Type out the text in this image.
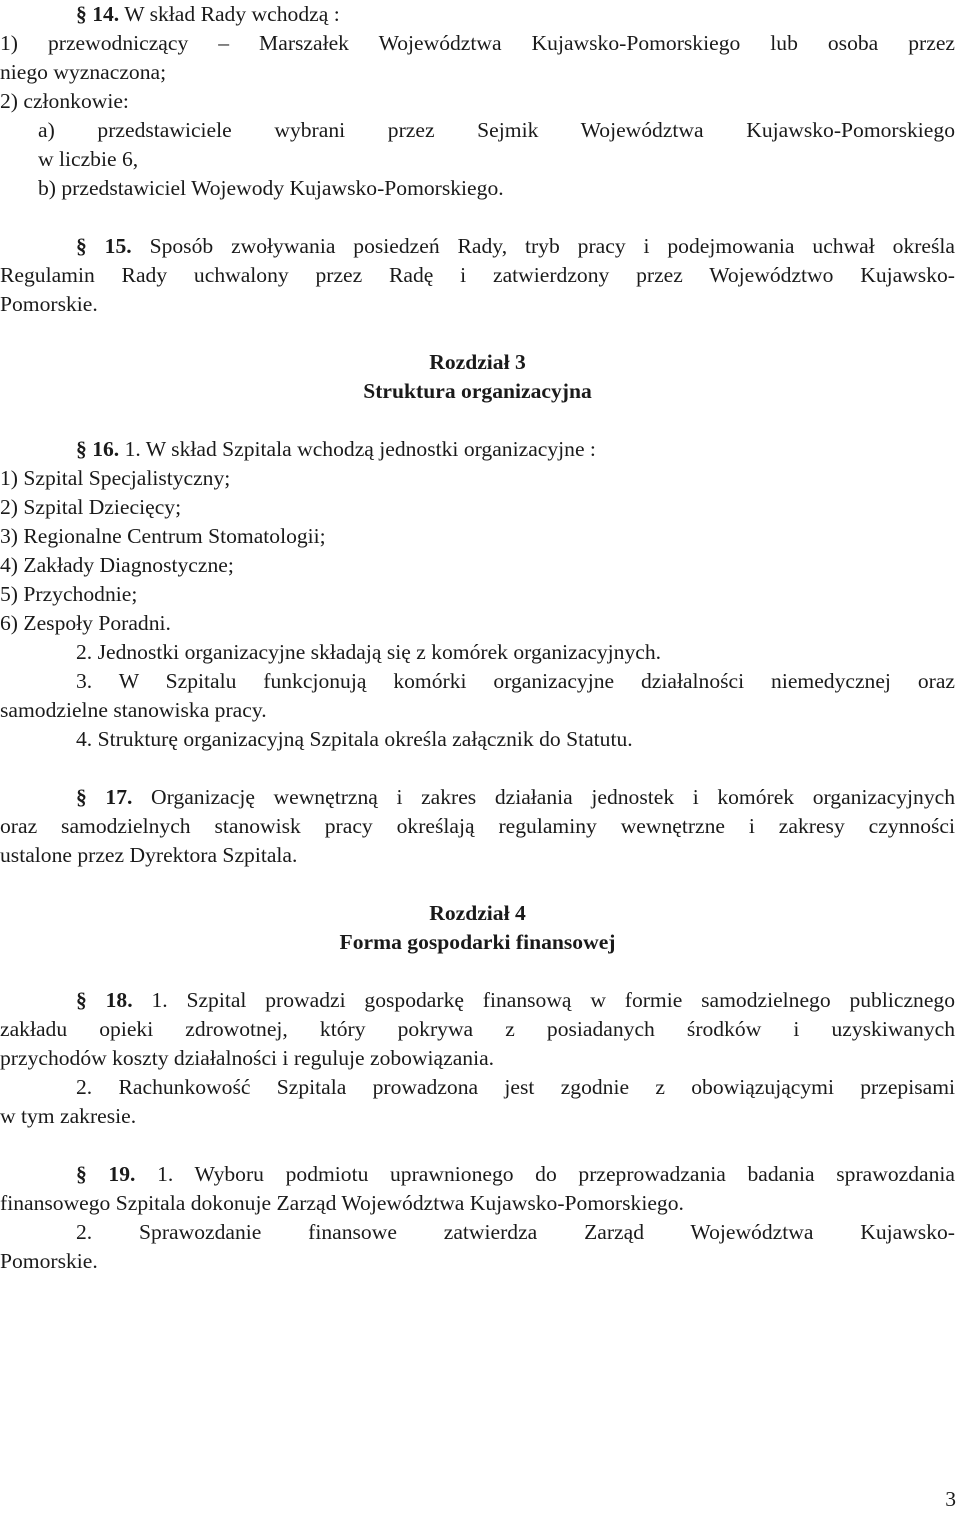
§ 14. W skład Rady wchodzą :
1) przewodniczący – Marszałek Województwa Kujawsko-Pomorskiego lub osoba przez
niego wyznaczona;
2) członkowie:
a) przedstawiciele wybrani przez Sejmik Województwa Kujawsko-Pomorskiego
w liczbie 6,
b) przedstawiciel Wojewody Kujawsko-Pomorskiego.
§ 15. Sposób zwoływania posiedzeń Rady, tryb pracy i podejmowania uchwał określa
Regulamin Rady uchwalony przez Radę i zatwierdzony przez Województwo Kujawsko-
Pomorskie.
Rozdział 3
Struktura organizacyjna
§ 16. 1. W skład Szpitala wchodzą jednostki organizacyjne :
1) Szpital Specjalistyczny;
2) Szpital Dziecięcy;
3) Regionalne Centrum Stomatologii;
4) Zakłady Diagnostyczne;
5) Przychodnie;
6) Zespoły Poradni.
2. Jednostki organizacyjne składają się z komórek organizacyjnych.
3. W Szpitalu funkcjonują komórki organizacyjne działalności niemedycznej oraz
samodzielne stanowiska pracy.
4. Strukturę organizacyjną Szpitala określa załącznik do Statutu.
§ 17. Organizację wewnętrzną i zakres działania jednostek i komórek organizacyjnych
oraz samodzielnych stanowisk pracy określają regulaminy wewnętrzne i zakresy czynności
ustalone przez Dyrektora Szpitala.
Rozdział 4
Forma gospodarki finansowej
§ 18. 1. Szpital prowadzi gospodarkę finansową w formie samodzielnego publicznego
zakładu opieki zdrowotnej, który pokrywa z posiadanych środków i uzyskiwanych
przychodów koszty działalności i reguluje zobowiązania.
2. Rachunkowość Szpitala prowadzona jest zgodnie z obowiązującymi przepisami
w tym zakresie.
§ 19. 1. Wyboru podmiotu uprawnionego do przeprowadzania badania sprawozdania
finansowego Szpitala dokonuje Zarząd Województwa Kujawsko-Pomorskiego.
2. Sprawozdanie finansowe zatwierdza Zarząd Województwa Kujawsko-
Pomorskie.
3
